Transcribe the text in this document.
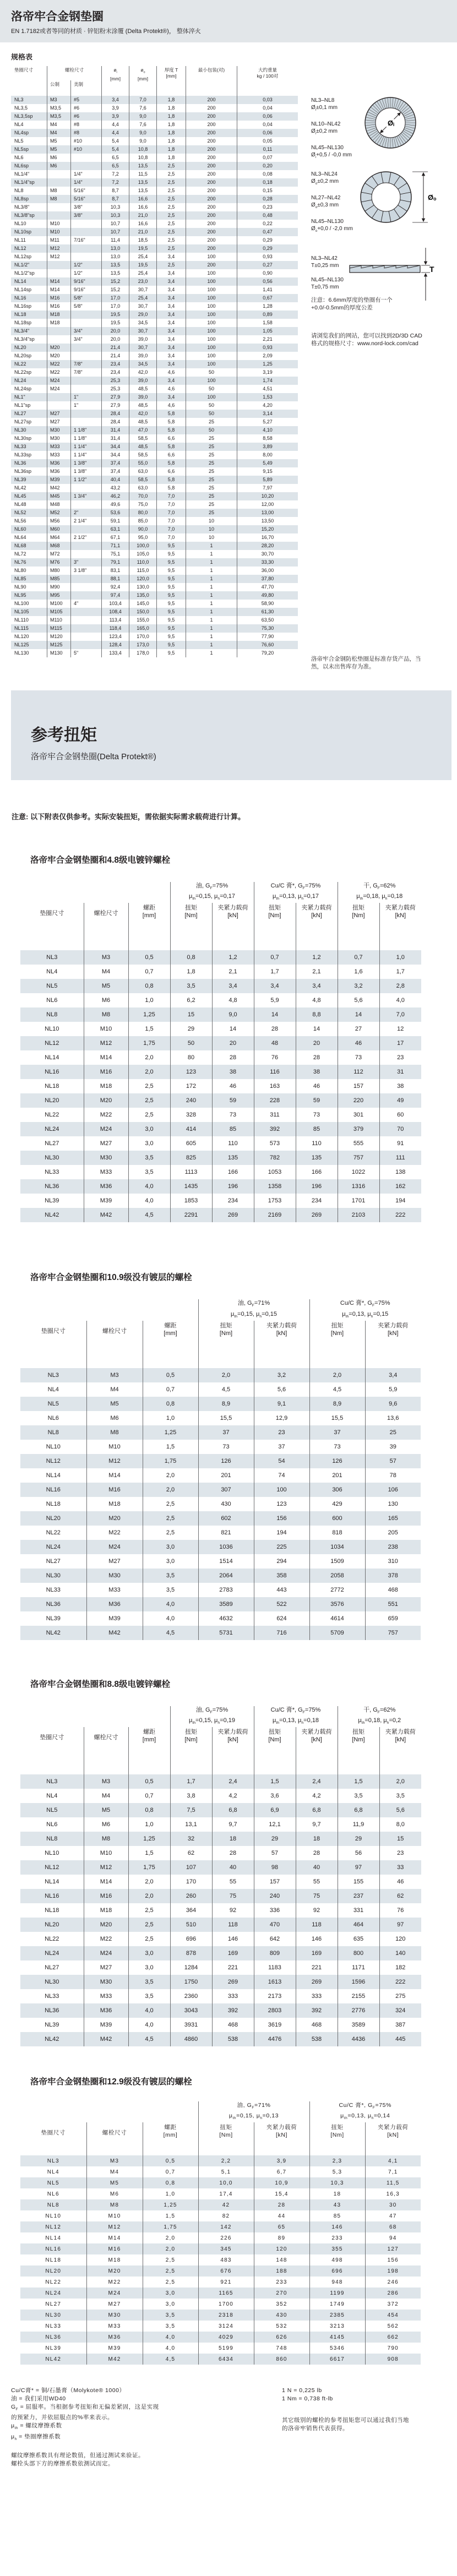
洛帝牢合金钢垫圈
EN 1.7182或者等同的材质 · 锌铝粉末涂覆 (Delta Protekt®)， 整体淬火
规格表
垫圈尺寸	螺栓尺寸		$ø_i$
[mm]	$ø_o$
[mm]	厚度 T
[mm]	最小包装(对)	大约重量
kg / 100对
	公制	美制					
NL3	M3	#5	3,4	7,0	1,8	200	0,03
NL3,5	M3,5	#6	3,9	7,6	1,8	200	0,04
NL3,5sp	M3,5	#6	3,9	9,0	1,8	200	0,06
NL4	M4	#8	4,4	7,6	1,8	200	0,04
NL4sp	M4	#8	4,4	9,0	1,8	200	0,06
NL5	M5	#10	5,4	9,0	1,8	200	0,05
NL5sp	M5	#10	5,4	10,8	1,8	200	0,11
NL6	M6		6,5	10,8	1,8	200	0,07
NL6sp	M6		6,5	13,5	2,5	200	0,20
NL1/4"		1/4"	7,2	11,5	2,5	200	0,08
NL1/4"sp		1/4"	7,2	13,5	2,5	200	0,18
NL8	M8	5/16"	8,7	13,5	2,5	200	0,15
NL8sp	M8	5/16"	8,7	16,6	2,5	200	0,28
NL3/8"		3/8"	10,3	16,6	2,5	200	0,23
NL3/8"sp		3/8"	10,3	21,0	2,5	200	0,48
NL10	M10		10,7	16,6	2,5	200	0,22
NL10sp	M10		10,7	21,0	2,5	200	0,47
NL11	M11	7/16"	11,4	18,5	2,5	200	0,29
NL12	M12		13,0	19,5	2,5	200	0,29
NL12sp	M12		13,0	25,4	3,4	100	0,93
NL1/2"		1/2"	13,5	19,5	2,5	200	0,27
NL1/2"sp		1/2"	13,5	25,4	3,4	100	0,90
NL14	M14	9/16"	15,2	23,0	3,4	100	0,56
NL14sp	M14	9/16"	15,2	30,7	3,4	100	1,41
NL16	M16	5/8"	17,0	25,4	3,4	100	0,67
NL16sp	M16	5/8"	17,0	30,7	3,4	100	1,28
NL18	M18		19,5	29,0	3,4	100	0,89
NL18sp	M18		19,5	34,5	3,4	100	1,58
NL3/4"		3/4"	20,0	30,7	3,4	100	1,05
NL3/4"sp		3/4"	20,0	39,0	3,4	100	2,21
NL20	M20		21,4	30,7	3,4	100	0,93
NL20sp	M20		21,4	39,0	3,4	100	2,09
NL22	M22	7/8"	23,4	34,5	3,4	100	1,25
NL22sp	M22	7/8"	23,4	42,0	4,6	50	3,19
NL24	M24		25,3	39,0	3,4	100	1,74
NL24sp	M24		25,3	48,5	4,6	50	4,51
NL1"		1"	27,9	39,0	3,4	100	1,53
NL1"sp		1"	27,9	48,5	4,6	50	4,20
NL27	M27		28,4	42,0	5,8	50	3,14
NL27sp	M27		28,4	48,5	5,8	25	5,27
NL30	M30	1 1/8"	31,4	47,0	5,8	50	4,10
NL30sp	M30	1 1/8"	31,4	58,5	6,6	25	8,58
NL33	M33	1 1/4"	34,4	48,5	5,8	25	3,89
NL33sp	M33	1 1/4"	34,4	58,5	6,6	25	8,00
NL36	M36	1 3/8"	37,4	55,0	5,8	25	5,49
NL36sp	M36	1 3/8"	37,4	63,0	6,6	25	9,15
NL39	M39	1 1/2"	40,4	58,5	5,8	25	5,89
NL42	M42		43,2	63,0	5,8	25	7,97
NL45	M45	1 3/4"	46,2	70,0	7,0	25	10,20
NL48	M48		49,6	75,0	7,0	25	12,00
NL52	M52	2"	53,6	80,0	7,0	25	13,00
NL56	M56	2 1/4"	59,1	85,0	7,0	10	13,50
NL60	M60		63,1	90,0	7,0	10	15,20
NL64	M64	2 1/2"	67,1	95,0	7,0	10	16,70
NL68	M68		71,1	100,0	9,5	1	28,20
NL72	M72		75,1	105,0	9,5	1	30,70
NL76	M76	3"	79,1	110,0	9,5	1	33,30
NL80	M80	3 1/8"	83,1	115,0	9,5	1	36,00
NL85	M85		88,1	120,0	9,5	1	37,80
NL90	M90		92,4	130,0	9,5	1	47,70
NL95	M95		97,4	135,0	9,5	1	49,80
NL100	M100	4"	103,4	145,0	9,5	1	58,90
NL105	M105		108,4	150,0	9,5	1	61,30
NL110	M110		113,4	155,0	9,5	1	63,50
NL115	M115		118,4	165,0	9,5	1	75,30
NL120	M120		123,4	170,0	9,5	1	77,90
NL125	M125		128,4	173,0	9,5	1	76,60
NL130	M130	5"	133,4	178,0	9,5	1	79,20
NL3–NL8
$Ø_i\pm 0,1$ mm
NL10–NL42
$Ø_i\pm 0,2$ mm
NL45–NL130
$Ø_i+0,5 / -0,0$ mm
Øᵢ
NL3–NL24
$Ø_o\pm 0,2$ mm
NL27–NL42
$Ø_o\pm 0,3$ mm
NL45–NL130
$Ø_o+0,0 / -2,0$ mm
Øₒ
NL3–NL42
T±0,25 mm
NL45–NL130
T±0,75 mm
T
注意：6.6mm厚度的垫圈有一个
+0.0/-0.5mm的厚度公差
请浏览我们的网站，您可以找到2D/3D CAD
格式的规格尺寸：www.nord-lock.com/cad
洛帝牢合金钢防松垫圈是标准存货产品，当
然，以未出售库存为准。
参考扭矩
洛帝牢合金钢垫圈(Delta Protekt®)
注意: 以下附表仅供参考。实际安装扭矩，需依据实际需求载荷进行计算。
洛帝牢合金钢垫圈和4.8级电镀锌螺栓
			油, $G_F=75\%$
$\mu_{th}=0,15$, $\mu_h=0,17$		Cu/C 膏*, $G_F=75\%$
$\mu_{th}=0,13$, $\mu_h=0,17$		干, $G_F=62\%$
$\mu_{th}=0,18$, $\mu_h=0,18$	
垫圈尺寸	螺栓尺寸	螺距
[mm]	扭矩
[Nm]	夹紧力载荷
[kN]	扭矩
[Nm]	夹紧力载荷
[kN]	扭矩
[Nm]	夹紧力载荷
[kN]
NL3	M3	0,5	0,8	1,2	0,7	1,2	0,7	1,0
NL4	M4	0,7	1,8	2,1	1,7	2,1	1,6	1,7
NL5	M5	0,8	3,5	3,4	3,4	3,4	3,2	2,8
NL6	M6	1,0	6,2	4,8	5,9	4,8	5,6	4,0
NL8	M8	1,25	15	9,0	14	8,8	14	7,0
NL10	M10	1,5	29	14	28	14	27	12
NL12	M12	1,75	50	20	48	20	46	17
NL14	M14	2,0	80	28	76	28	73	23
NL16	M16	2,0	123	38	116	38	112	31
NL18	M18	2,5	172	46	163	46	157	38
NL20	M20	2,5	240	59	228	59	220	49
NL22	M22	2,5	328	73	311	73	301	60
NL24	M24	3,0	414	85	392	85	379	70
NL27	M27	3,0	605	110	573	110	555	91
NL30	M30	3,5	825	135	782	135	757	111
NL33	M33	3,5	1113	166	1053	166	1022	138
NL36	M36	4,0	1435	196	1358	196	1316	162
NL39	M39	4,0	1853	234	1753	234	1701	194
NL42	M42	4,5	2291	269	2169	269	2103	222
洛帝牢合金钢垫圈和10.9级没有镀层的螺栓
			油, $G_F=71\%$
$\mu_{th}=0,15$, $\mu_h=0,15$		Cu/C 膏*, $G_F=75\%$
$\mu_{th}=0,13$, $\mu_h=0,15$	
垫圈尺寸	螺栓尺寸	螺距
[mm]	扭矩
[Nm]	夹紧力载荷
[kN]	扭矩
[Nm]	夹紧力载荷
[kN]
NL3	M3	0,5	2,0	3,2	2,0	3,4
NL4	M4	0,7	4,5	5,6	4,5	5,9
NL5	M5	0,8	8,9	9,1	8,9	9,6
NL6	M6	1,0	15,5	12,9	15,5	13,6
NL8	M8	1,25	37	23	37	25
NL10	M10	1,5	73	37	73	39
NL12	M12	1,75	126	54	126	57
NL14	M14	2,0	201	74	201	78
NL16	M16	2,0	307	100	306	106
NL18	M18	2,5	430	123	429	130
NL20	M20	2,5	602	156	600	165
NL22	M22	2,5	821	194	818	205
NL24	M24	3,0	1036	225	1034	238
NL27	M27	3,0	1514	294	1509	310
NL30	M30	3,5	2064	358	2058	378
NL33	M33	3,5	2783	443	2772	468
NL36	M36	4,0	3589	522	3576	551
NL39	M39	4,0	4632	624	4614	659
NL42	M42	4,5	5731	716	5709	757
洛帝牢合金钢垫圈和8.8级电镀锌螺栓
			油, $G_F=75\%$
$\mu_{th}=0,15$, $\mu_h=0,19$		Cu/C 膏*, $G_F=75\%$
$\mu_{th}=0,13$, $\mu_h=0,18$		干, $G_F=62\%$
$\mu_{th}=0,18$, $\mu_h=0,2$	
垫圈尺寸	螺栓尺寸	螺距
[mm]	扭矩
[Nm]	夹紧力载荷
[kN]	扭矩
[Nm]	夹紧力载荷
[kN]	扭矩
[Nm]	夹紧力载荷
[kN]
NL3	M3	0,5	1,7	2,4	1,5	2,4	1,5	2,0
NL4	M4	0,7	3,8	4,2	3,6	4,2	3,5	3,5
NL5	M5	0,8	7,5	6,8	6,9	6,8	6,8	5,6
NL6	M6	1,0	13,1	9,7	12,1	9,7	11,9	8,0
NL8	M8	1,25	32	18	29	18	29	15
NL10	M10	1,5	62	28	57	28	56	23
NL12	M12	1,75	107	40	98	40	97	33
NL14	M14	2,0	170	55	157	55	155	46
NL16	M16	2,0	260	75	240	75	237	62
NL18	M18	2,5	364	92	336	92	331	76
NL20	M20	2,5	510	118	470	118	464	97
NL22	M22	2,5	696	146	642	146	635	120
NL24	M24	3,0	878	169	809	169	800	140
NL27	M27	3,0	1284	221	1183	221	1171	182
NL30	M30	3,5	1750	269	1613	269	1596	222
NL33	M33	3,5	2360	333	2173	333	2155	275
NL36	M36	4,0	3043	392	2803	392	2776	324
NL39	M39	4,0	3931	468	3619	468	3589	387
NL42	M42	4,5	4860	538	4476	538	4436	445
洛帝牢合金钢垫圈和12.9级没有镀层的螺栓
			油, $G_F=71\%$
$\mu_{th}=0,15$, $\mu_h=0,13$		Cu/C 膏*, $G_F=75\%$
$\mu_{th}=0,13$, $\mu_h=0,14$	
垫圈尺寸	螺栓尺寸	螺距
[mm]	扭矩
[Nm]	夹紧力载荷
[kN]	扭矩
[Nm]	夹紧力载荷
[kN]
NL3	M3	0,5	2,2	3,9	2,3	4,1
NL4	M4	0,7	5,1	6,7	5,3	7,1
NL5	M5	0,8	10,0	10,9	10,3	11,5
NL6	M6	1,0	17,4	15,4	18	16,3
NL8	M8	1,25	42	28	43	30
NL10	M10	1,5	82	44	85	47
NL12	M12	1,75	142	65	146	68
NL14	M14	2,0	226	89	233	94
NL16	M16	2,0	345	120	355	127
NL18	M18	2,5	483	148	498	156
NL20	M20	2,5	676	188	696	198
NL22	M22	2,5	921	233	948	246
NL24	M24	3,0	1165	270	1199	286
NL27	M27	3,0	1700	352	1749	372
NL30	M30	3,5	2318	430	2385	454
NL33	M33	3,5	3124	532	3213	562
NL36	M36	4,0	4029	626	4145	662
NL39	M39	4,0	5199	748	5346	790
NL42	M42	4,5	6434	860	6617	908
Cu/C膏* = 铜/石墨膏（Molykote® 1000）
油 = 我们采用WD40
$G_F$ = 屈服率。当根据参考扭矩和无偏差紧固，这是实现
的预紧力，并依屈服点的%率来表示。
$\mu_{th}$ = 螺纹摩擦系数
$\mu_h$ = 垫圈摩擦系数
螺纹摩擦系数具有理论数值，但通过测试来验证。
螺栓头部下方的摩擦系数依测试而定。
1 N = 0,225 lb
1 Nm = 0,738 ft-lb
其它级别的螺栓的参考扭矩您可以通过我们当地
的洛帝牢销售代表获得。
